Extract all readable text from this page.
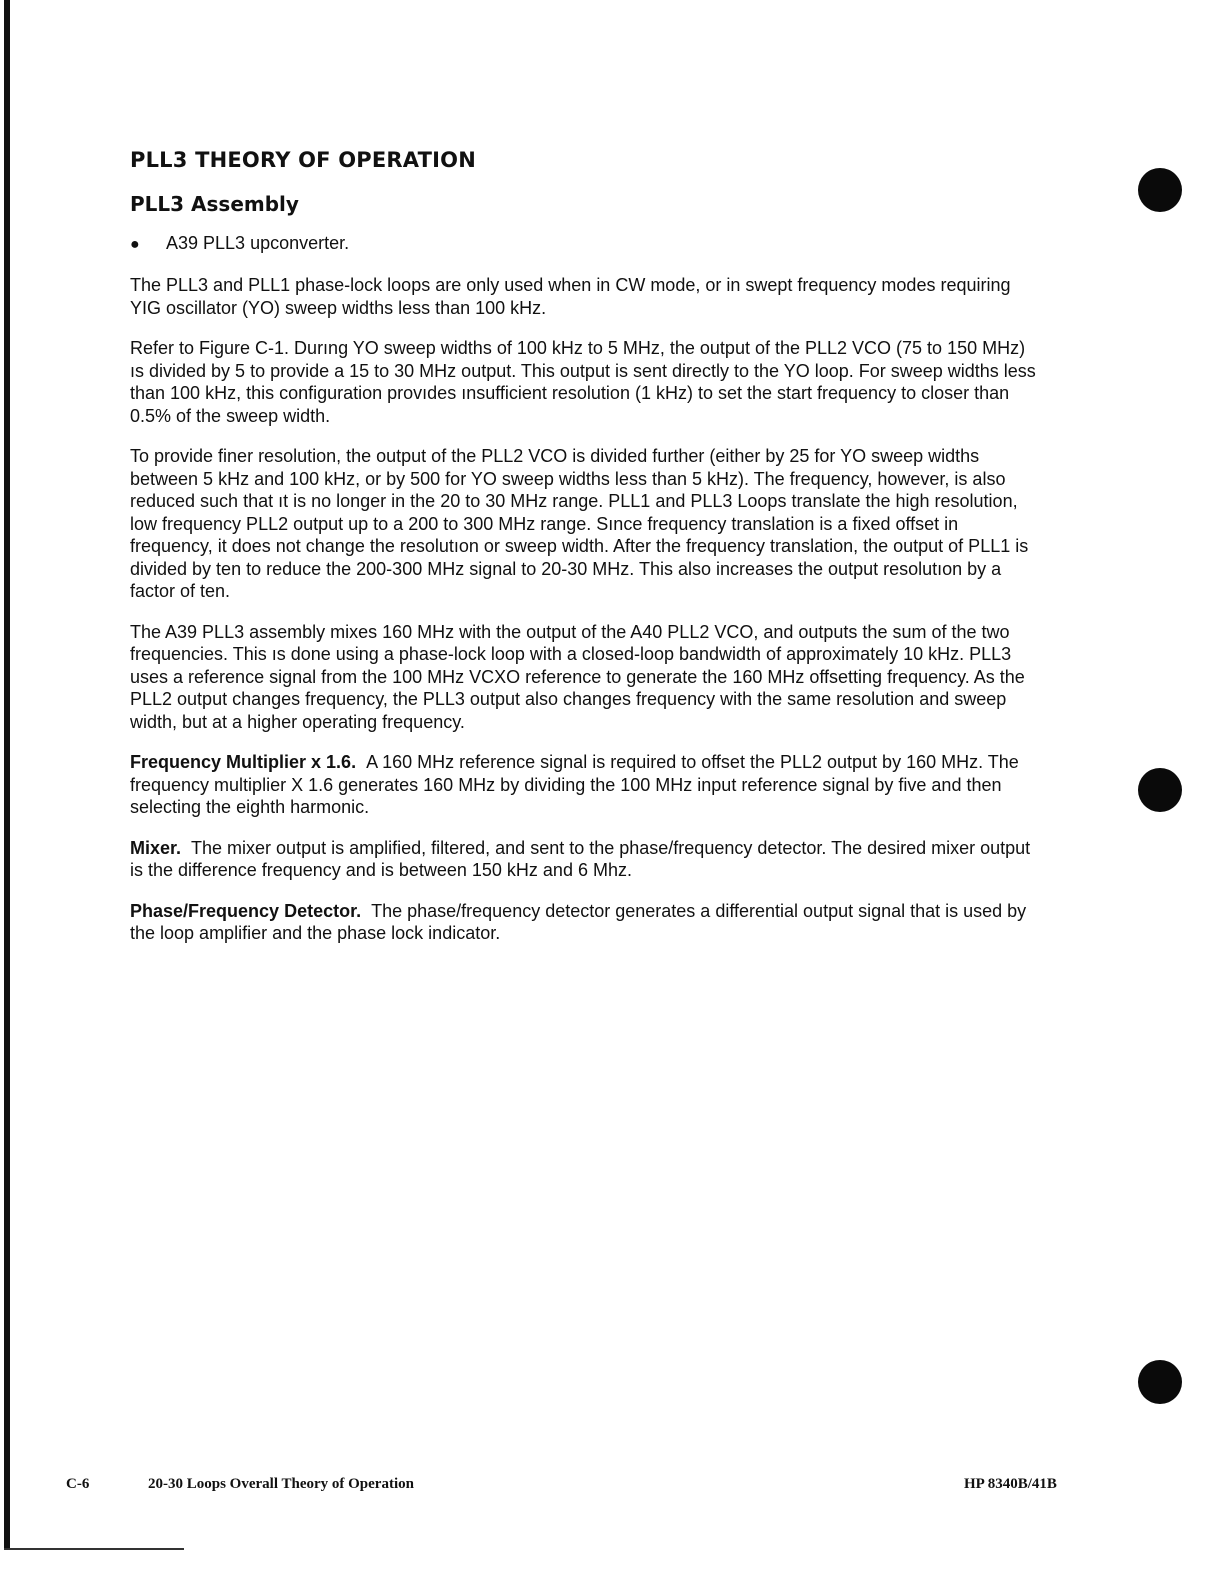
PLL3 THEORY OF OPERATION
PLL3 Assembly
●	A39 PLL3 upconverter.

The PLL3 and PLL1 phase-lock loops are only used when in CW mode, or in swept frequency modes requiring YIG oscillator (YO) sweep widths less than 100 kHz.

Refer to Figure C-1. Durıng YO sweep widths of 100 kHz to 5 MHz, the output of the PLL2 VCO (75 to 150 MHz) ıs divided by 5 to provide a 15 to 30 MHz output. This output is sent directly to the YO loop. For sweep widths less than 100 kHz, this configuration provıdes ınsufficient resolution (1 kHz) to set the start frequency to closer than 0.5% of the sweep width.

To provide finer resolution, the output of the PLL2 VCO is divided further (either by 25 for YO sweep widths between 5 kHz and 100 kHz, or by 500 for YO sweep widths less than 5 kHz). The frequency, however, is also reduced such that ıt is no longer in the 20 to 30 MHz range. PLL1 and PLL3 Loops translate the high resolution, low frequency PLL2 output up to a 200 to 300 MHz range. Sınce frequency translation is a fixed offset in frequency, it does not change the resolutıon or sweep width. After the frequency translation, the output of PLL1 is divided by ten to reduce the 200-300 MHz signal to 20-30 MHz. This also increases the output resolutıon by a factor of ten.

The A39 PLL3 assembly mixes 160 MHz with the output of the A40 PLL2 VCO, and outputs the sum of the two frequencies. This ıs done using a phase-lock loop with a closed-loop bandwidth of approximately 10 kHz. PLL3 uses a reference signal from the 100 MHz VCXO reference to generate the 160 MHz offsetting frequency. As the PLL2 output changes frequency, the PLL3 output also changes frequency with the same resolution and sweep width, but at a higher operating frequency.

Frequency Multiplier x 1.6. A 160 MHz reference signal is required to offset the PLL2 output by 160 MHz. The frequency multiplier X 1.6 generates 160 MHz by dividing the 100 MHz input reference signal by five and then selecting the eighth harmonic.

Mixer. The mixer output is amplified, filtered, and sent to the phase/frequency detector. The desired mixer output is the difference frequency and is between 150 kHz and 6 Mhz.

Phase/Frequency Detector. The phase/frequency detector generates a differential output signal that is used by the loop amplifier and the phase lock indicator.

C-6	20-30 Loops Overall Theory of Operation	HP 8340B/41B
